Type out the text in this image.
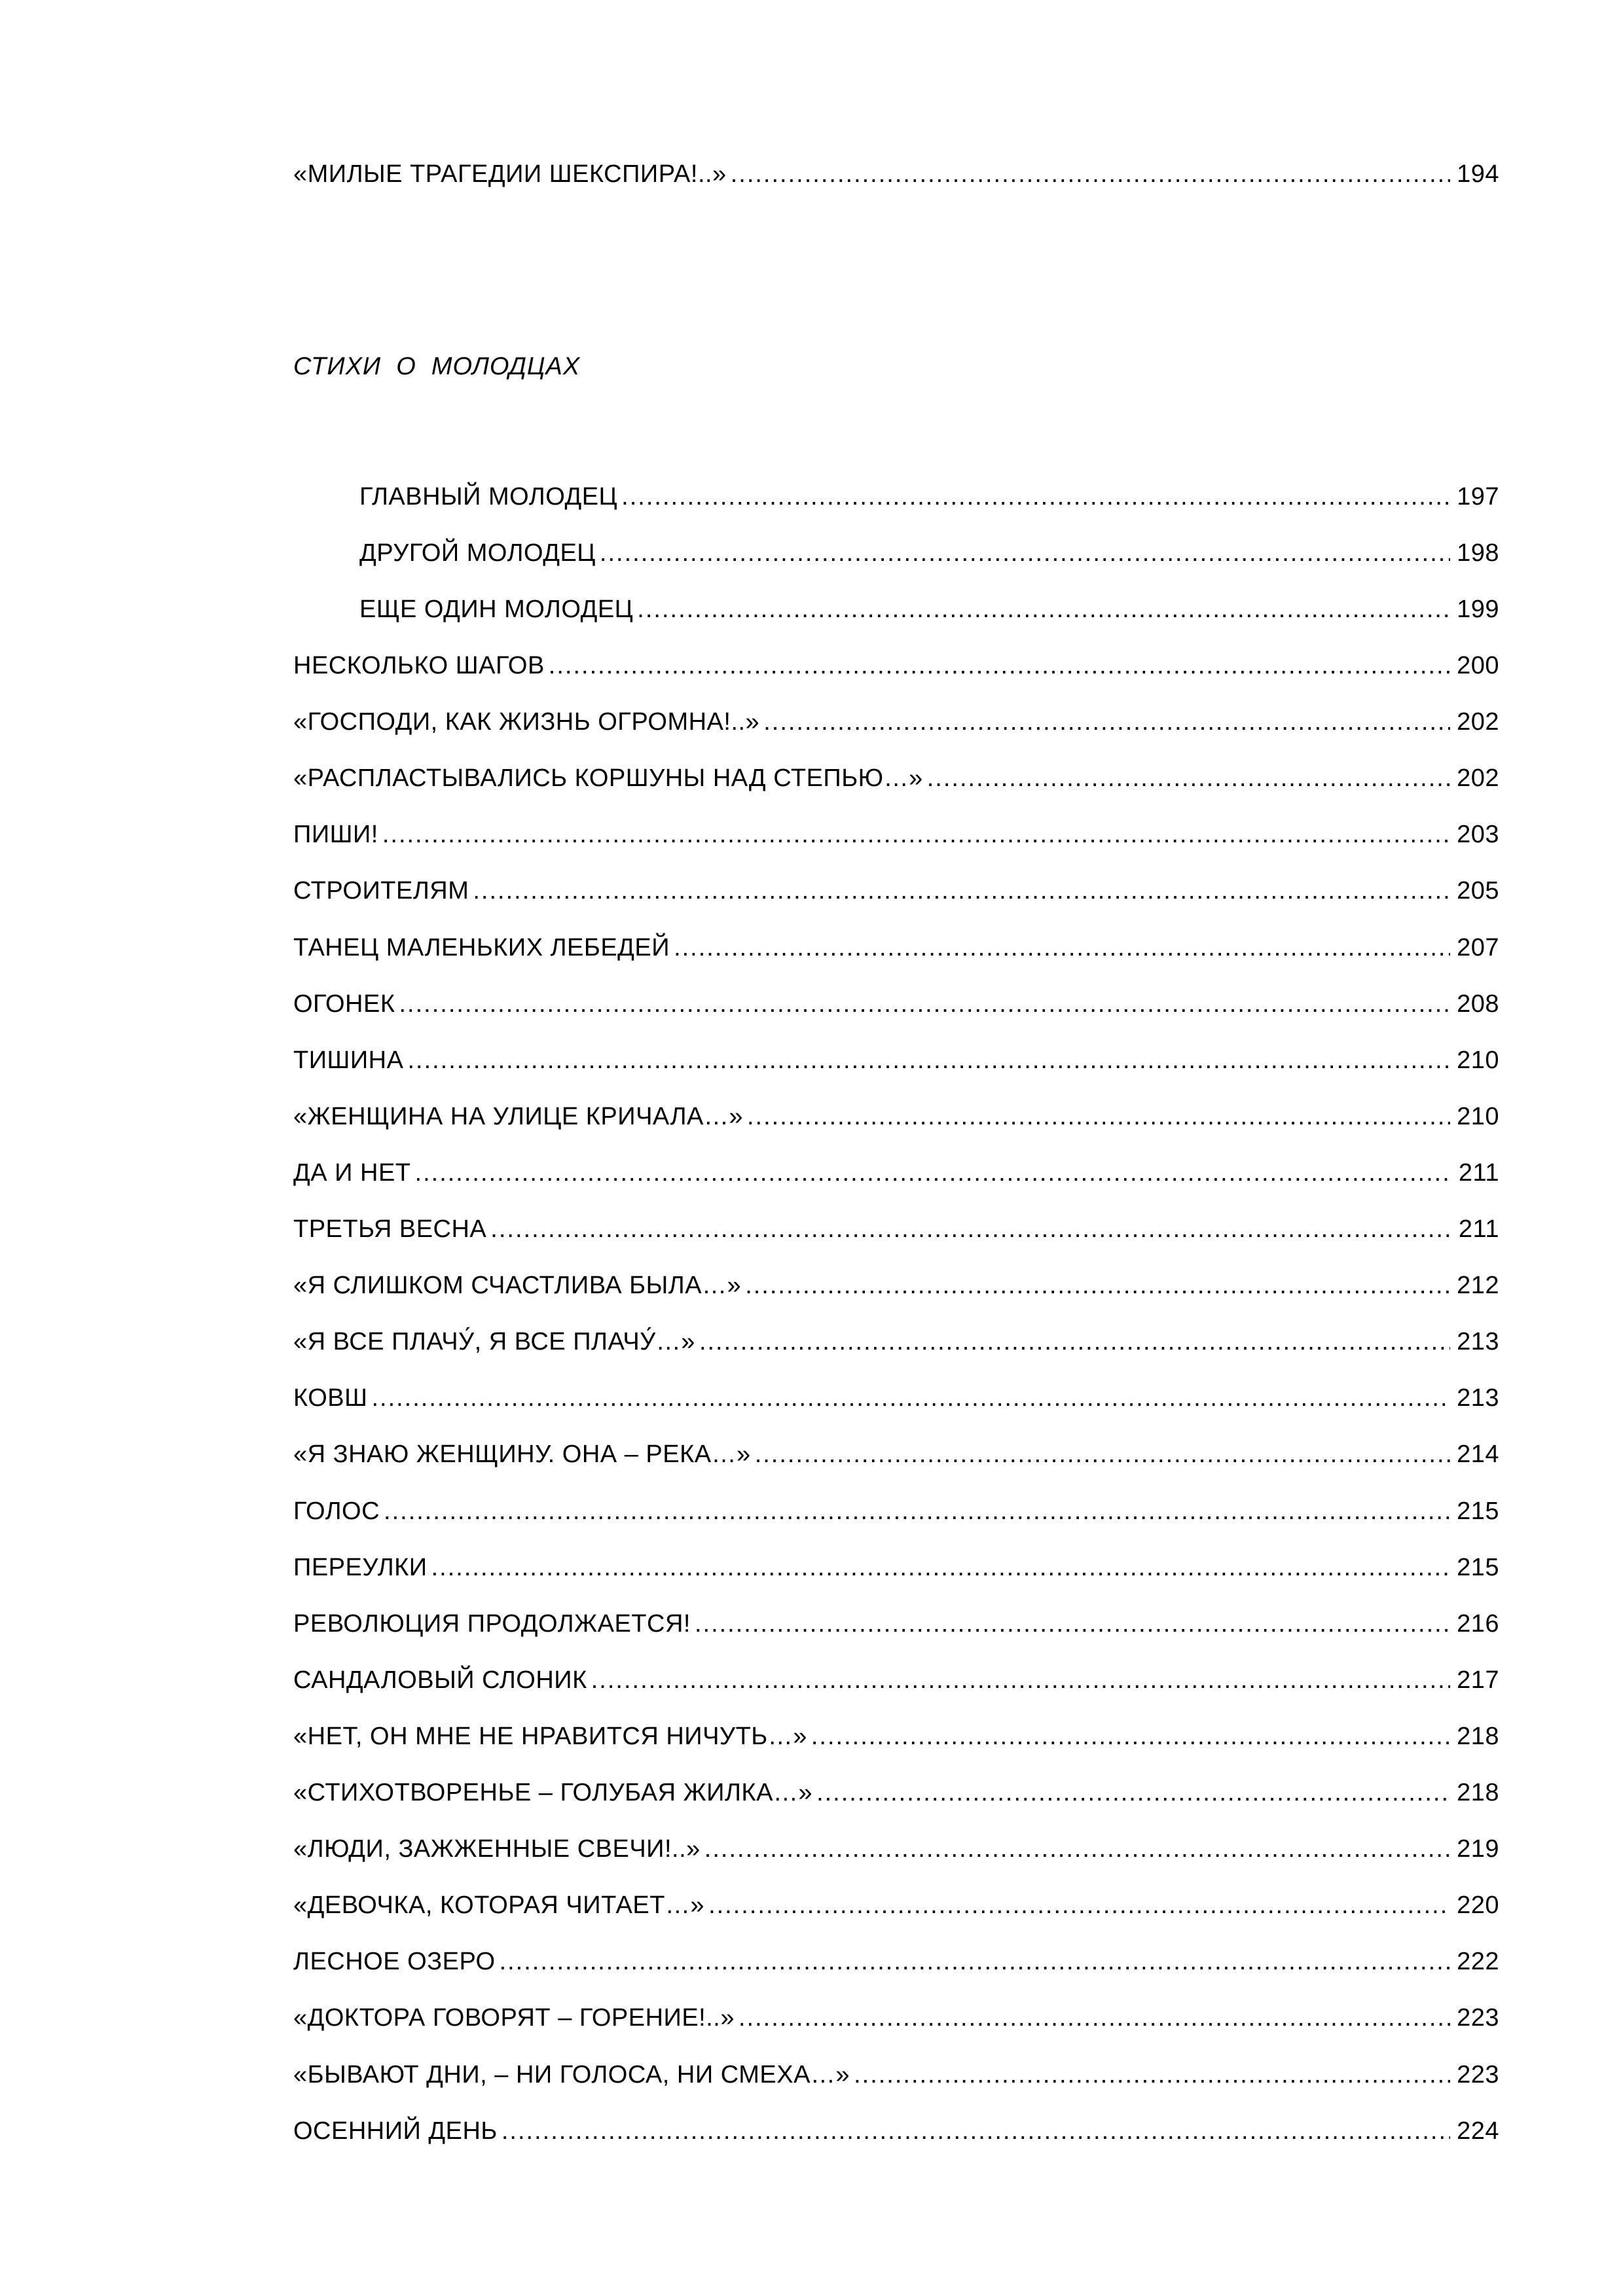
«МИЛЫЕ ТРАГЕДИИ ШЕКСПИРА!..» .....	194
СТИХИ  О  МОЛОДЦАХ
ГЛАВНЫЙ МОЛОДЕЦ .....	197
ДРУГОЙ МОЛОДЕЦ .....	198
ЕЩЕ ОДИН МОЛОДЕЦ .....	199
НЕСКОЛЬКО ШАГОВ .....	200
«ГОСПОДИ, КАК ЖИЗНЬ ОГРОМНА!..» .....	202
«РАСПЛАСТЫВАЛИСЬ КОРШУНЫ НАД СТЕПЬЮ…» .....	202
ПИШИ! .....	203
СТРОИТЕЛЯМ .....	205
ТАНЕЦ МАЛЕНЬКИХ ЛЕБЕДЕЙ .....	207
ОГОНЕК .....	208
ТИШИНА .....	210
«ЖЕНЩИНА НА УЛИЦЕ КРИЧАЛА…» .....	210
ДА И НЕТ .....	211
ТРЕТЬЯ ВЕСНА .....	211
«Я СЛИШКОМ СЧАСТЛИВА БЫЛА…» .....	212
«Я ВСЕ ПЛАЧУ́, Я ВСЕ ПЛАЧУ́…» .....	213
КОВШ .....	213
«Я ЗНАЮ ЖЕНЩИНУ. ОНА – РЕКА…» .....	214
ГОЛОС .....	215
ПЕРЕУЛКИ .....	215
РЕВОЛЮЦИЯ ПРОДОЛЖАЕТСЯ! .....	216
САНДАЛОВЫЙ СЛОНИК .....	217
«НЕТ, ОН МНЕ НЕ НРАВИТСЯ НИЧУТЬ…» .....	218
«СТИХОТВОРЕНЬЕ – ГОЛУБАЯ ЖИЛКА…» .....	218
«ЛЮДИ, ЗАЖЖЕННЫЕ СВЕЧИ!..» .....	219
«ДЕВОЧКА, КОТОРАЯ ЧИТАЕТ…» .....	220
ЛЕСНОЕ ОЗЕРО .....	222
«ДОКТОРА ГОВОРЯТ – ГОРЕНИЕ!..» .....	223
«БЫВАЮТ ДНИ, – НИ ГОЛОСА, НИ СМЕХА…» .....	223
ОСЕННИЙ ДЕНЬ .....	224
